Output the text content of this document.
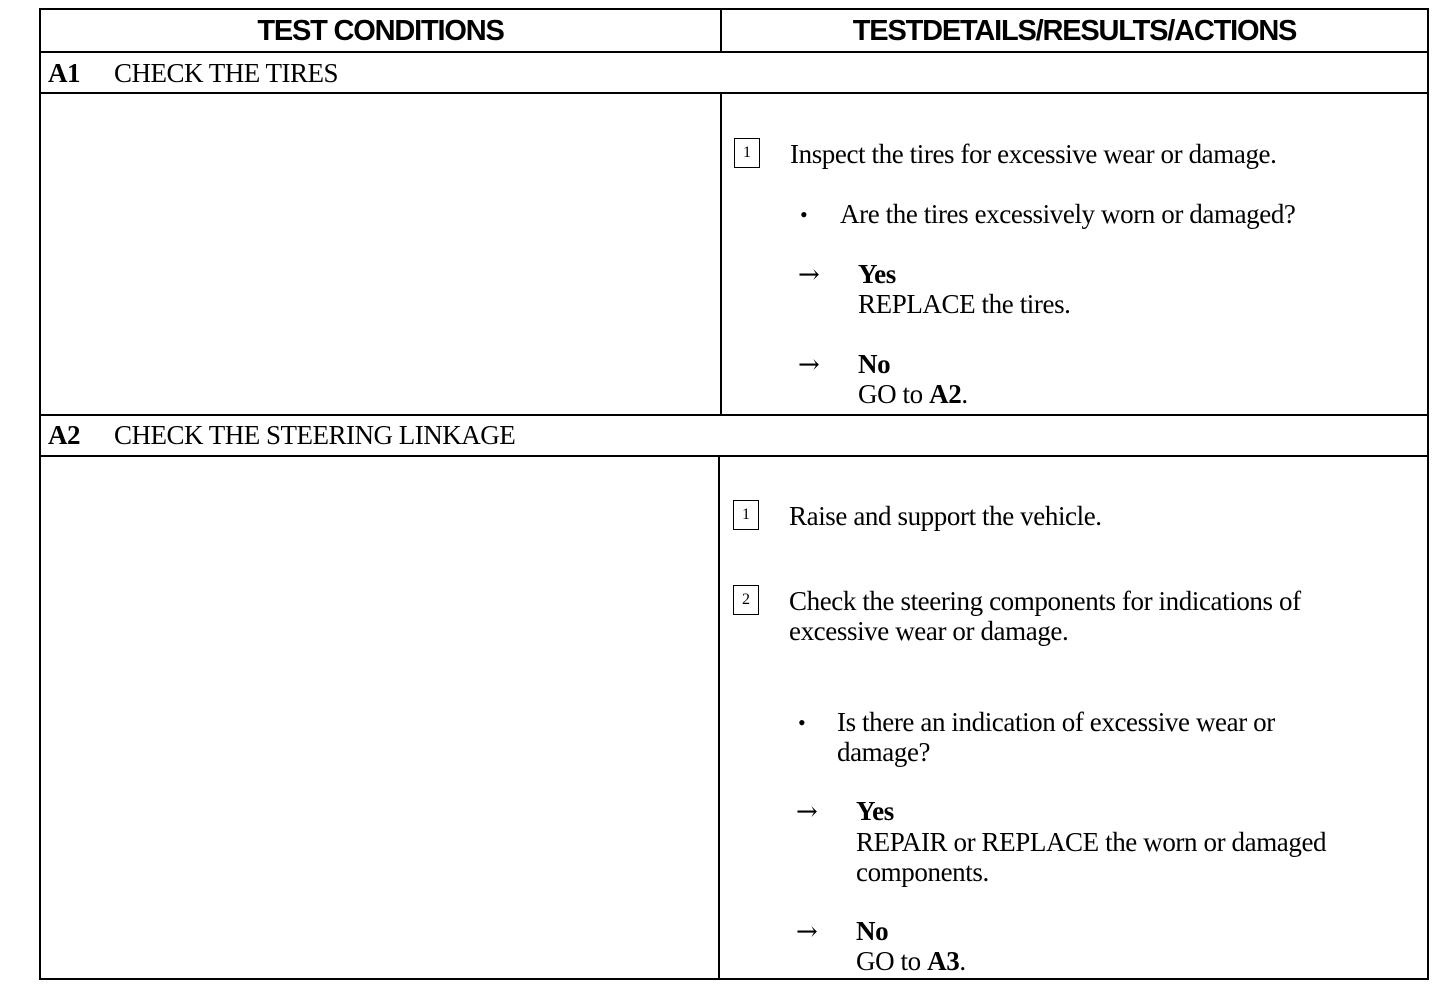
TEST CONDITIONS	TESTDETAILS/RESULTS/ACTIONS
A1 CHECK THE TIRES
1	Inspect the tires for excessive wear or damage.
• Are the tires excessively worn or damaged?
→ Yes
REPLACE the tires.
→ No
GO to A2.
A2 CHECK THE STEERING LINKAGE
1	Raise and support the vehicle.
2	Check the steering components for indications of
excessive wear or damage.
• Is there an indication of excessive wear or
damage?
→ Yes
REPAIR or REPLACE the worn or damaged
components.
→ No
GO to A3.
